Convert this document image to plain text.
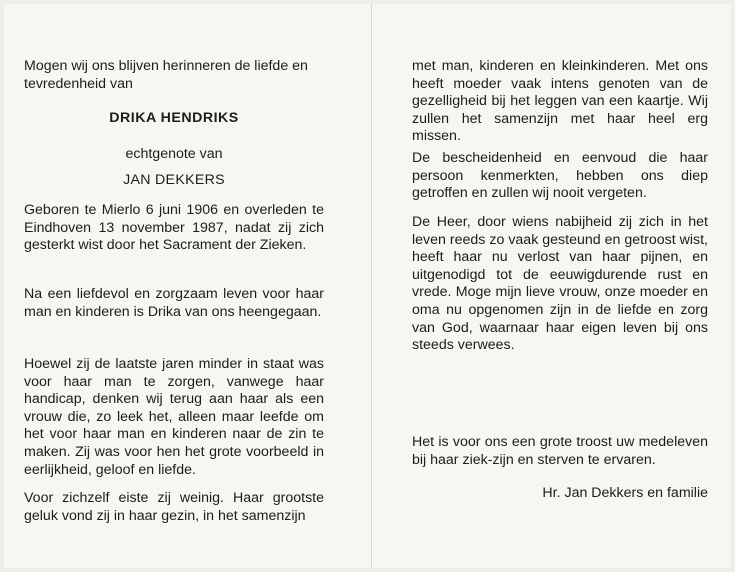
Mogen wij ons blijven herinneren de liefde en tevredenheid van

DRIKA HENDRIKS

echtgenote van

JAN DEKKERS

Geboren te Mierlo 6 juni 1906 en overleden te Eindhoven 13 november 1987, nadat zij zich gesterkt wist door het Sacrament der Zieken.

Na een liefdevol en zorgzaam leven voor haar man en kinderen is Drika van ons heengegaan.

Hoewel zij de laatste jaren minder in staat was voor haar man te zorgen, vanwege haar handicap, denken wij terug aan haar als een vrouw die, zo leek het, alleen maar leefde om het voor haar man en kinderen naar de zin te maken. Zij was voor hen het grote voorbeeld in eerlijkheid, geloof en liefde.

Voor zichzelf eiste zij weinig. Haar grootste geluk vond zij in haar gezin, in het samenzijn

met man, kinderen en kleinkinderen. Met ons heeft moeder vaak intens genoten van de gezelligheid bij het leggen van een kaartje. Wij zullen het samenzijn met haar heel erg missen.

De bescheidenheid en eenvoud die haar persoon kenmerkten, hebben ons diep getroffen en zullen wij nooit vergeten.

De Heer, door wiens nabijheid zij zich in het leven reeds zo vaak gesteund en getroost wist, heeft haar nu verlost van haar pijnen, en uitgenodigd tot de eeuwigdurende rust en vrede. Moge mijn lieve vrouw, onze moeder en oma nu opgenomen zijn in de liefde en zorg van God, waarnaar haar eigen leven bij ons steeds verwees.

Het is voor ons een grote troost uw medeleven bij haar ziek-zijn en sterven te ervaren.

Hr. Jan Dekkers en familie
